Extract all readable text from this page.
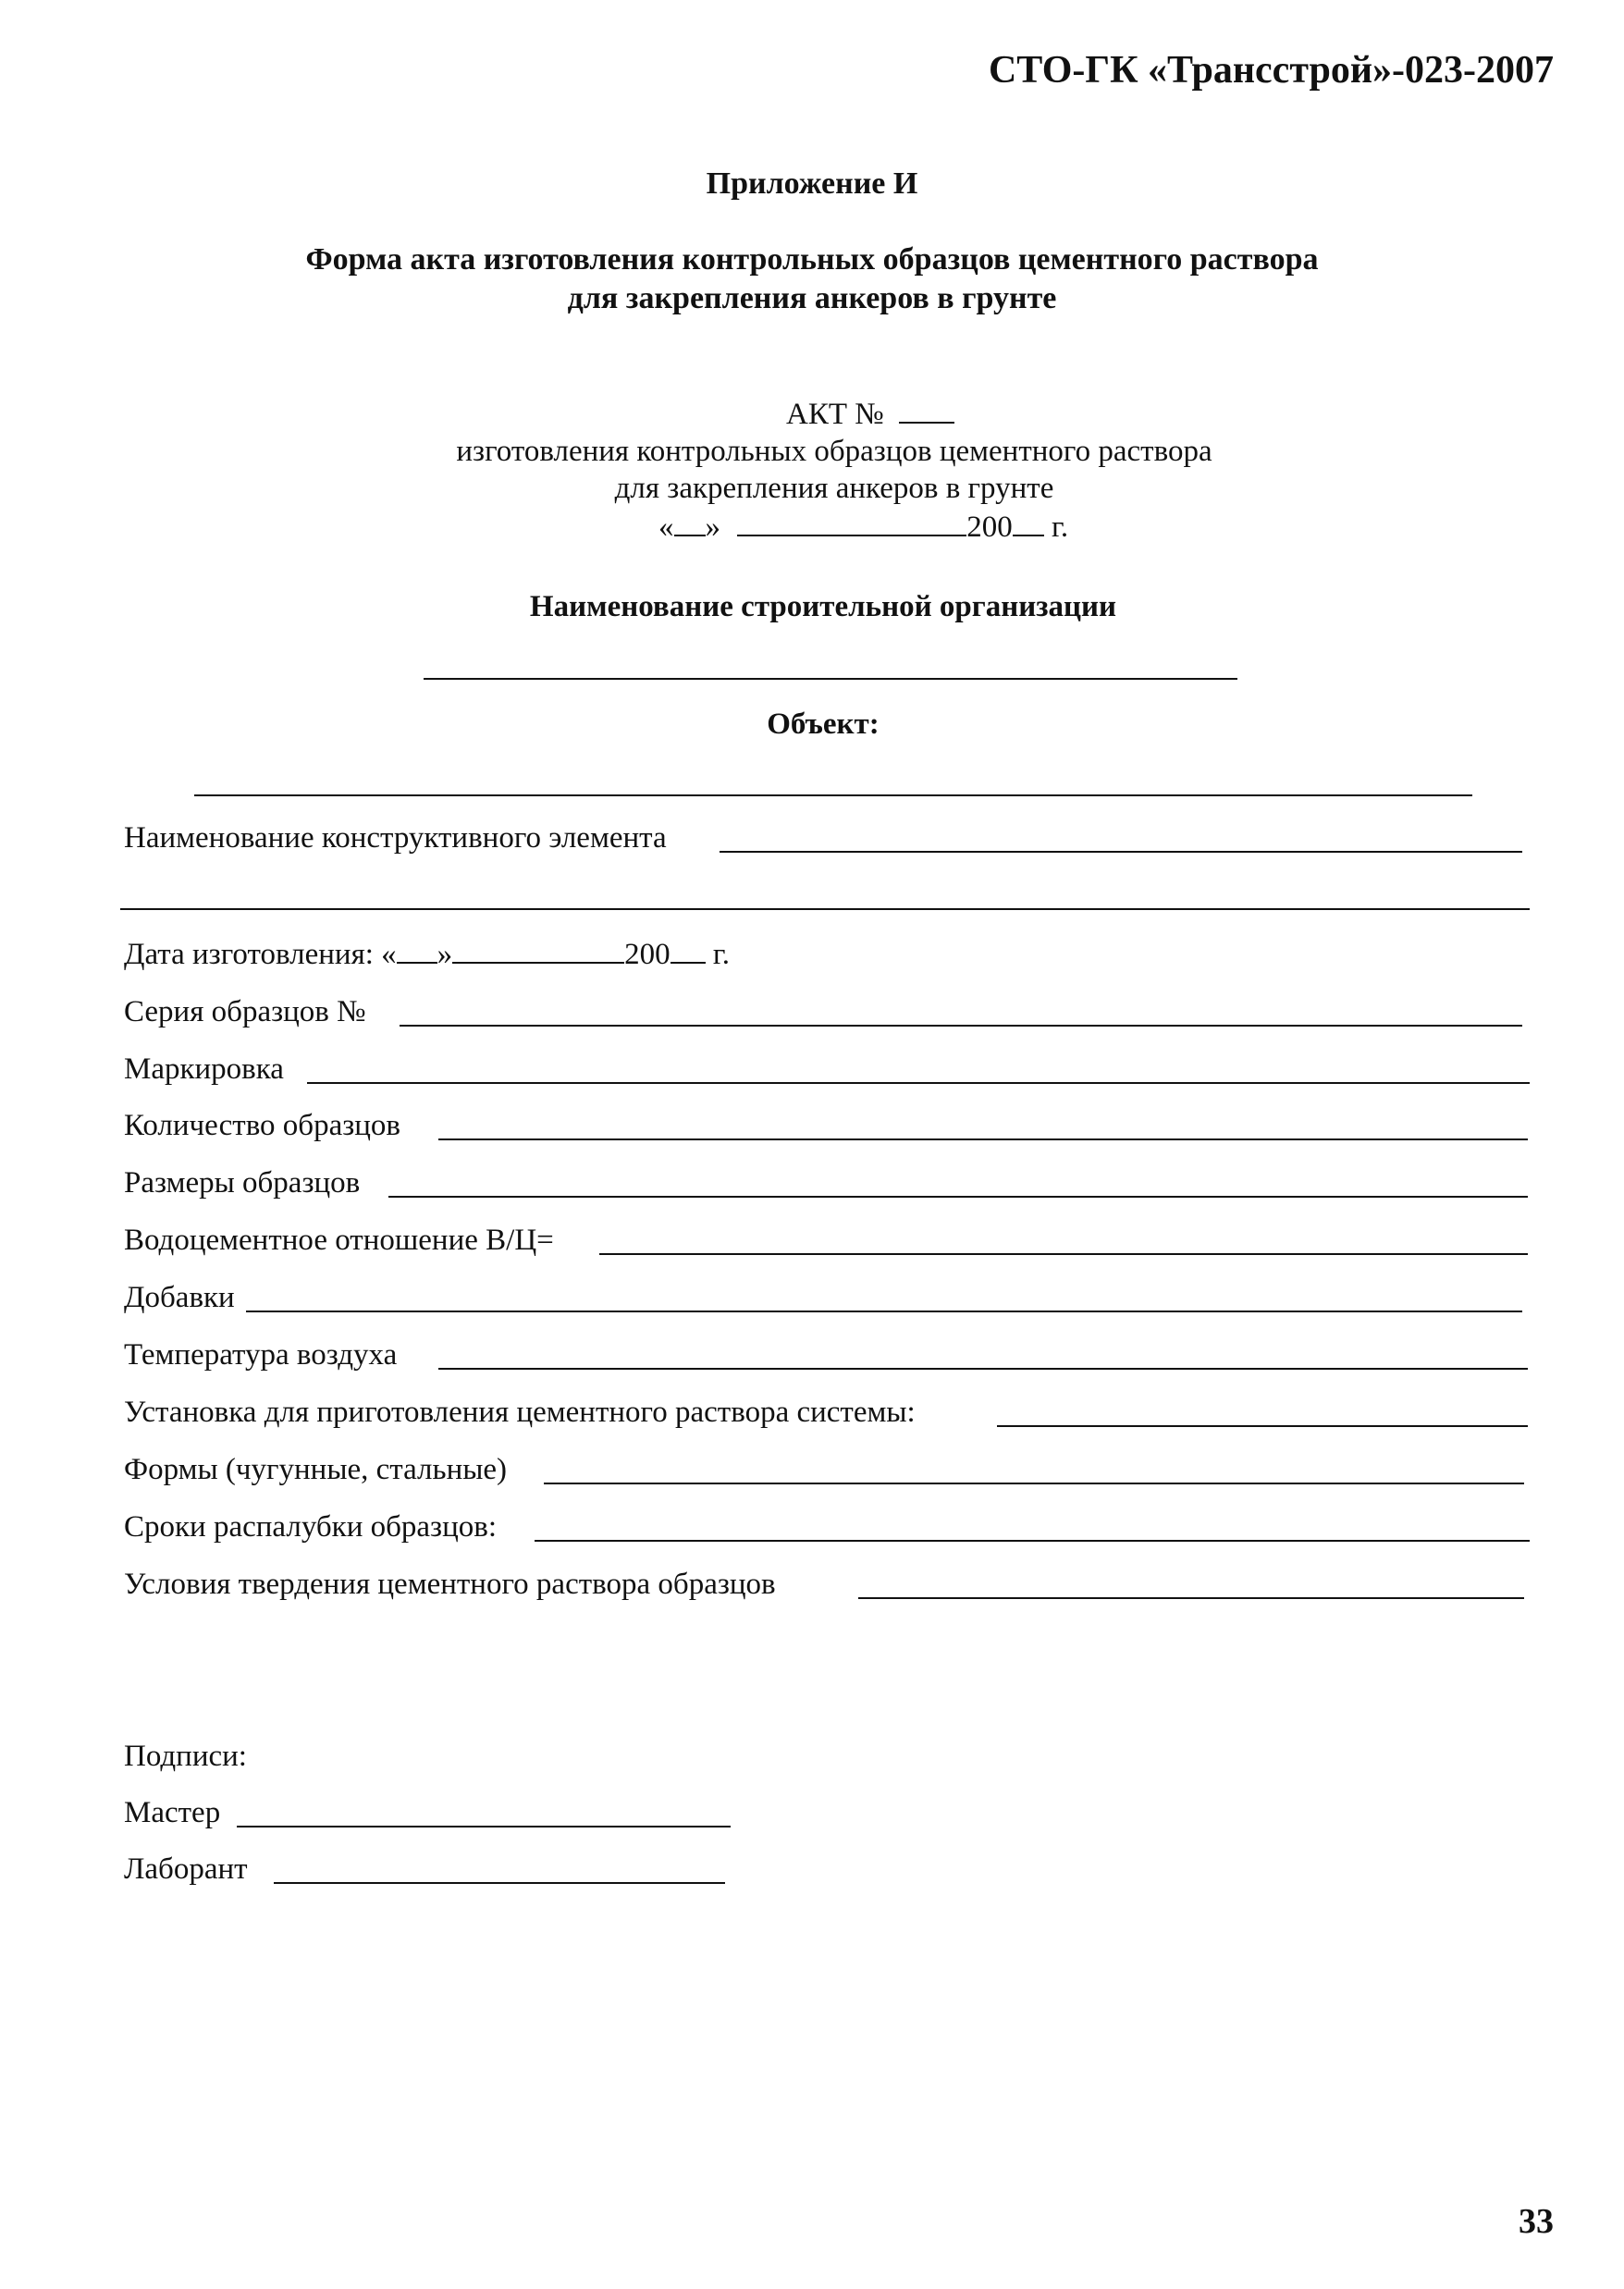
СТО-ГК «Трансстрой»-023-2007
Приложение И
Форма акта изготовления контрольных образцов цементного раствора
для закрепления анкеров в грунте
АКТ №
изготовления контрольных образцов цементного раствора
для закрепления анкеров в грунте
« »	200 г.
Наименование строительной организации
Объект:
Наименование конструктивного элемента
Дата изготовления: « »	200 г.
Серия образцов №
Маркировка
Количество образцов
Размеры образцов
Водоцементное отношение В/Ц=
Добавки
Температура воздуха
Установка для приготовления цементного раствора системы:
Формы (чугунные, стальные)
Сроки распалубки образцов:
Условия твердения цементного раствора образцов
Подписи:
Мастер
Лаборант
33
